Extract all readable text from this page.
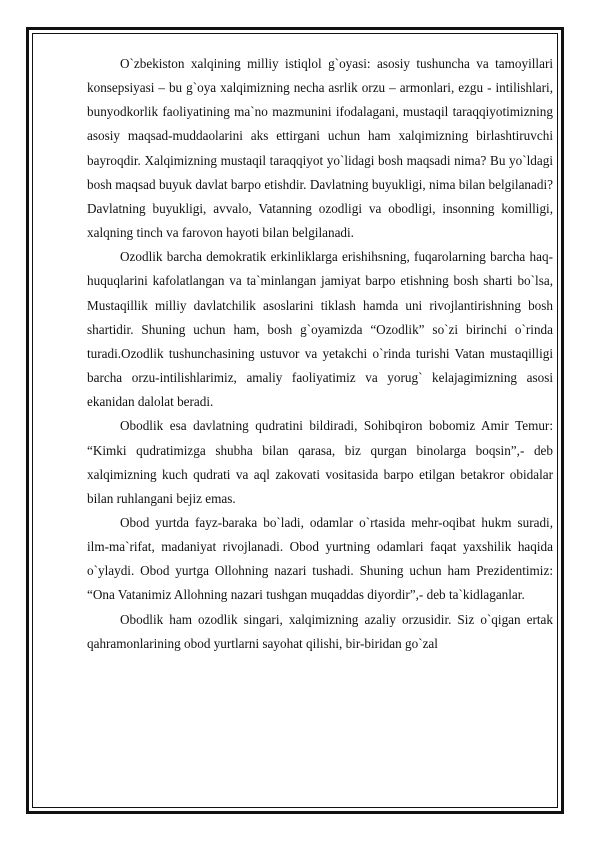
​

O`zbekiston xalqining milliy istiqlol g`oyasi: asosiy tushuncha va tamoyillari konsepsiyasi – bu g`oya xalqimizning necha asrlik orzu – armonlari, ezgu - intilishlari, bunyodkorlik faoliyatining ma`no mazmunini ifodalagani, mustaqil taraqqiyotimizning asosiy maqsad-muddaolarini aks ettirgani uchun ham xalqimizning birlashtiruvchi bayroqdir. Xalqimizning mustaqil taraqqiyot yo`lidagi bosh maqsadi nima? Bu yo`ldagi bosh maqsad buyuk davlat barpo etishdir. Davlatning buyukligi, nima bilan belgilanadi? Davlatning buyukligi, avvalo, Vatanning ozodligi va obodligi, insonning komilligi, xalqning tinch va farovon hayoti bilan belgilanadi.

Ozodlik barcha demokratik erkinliklarga erishihsning, fuqarolarning barcha haq-huquqlarini kafolatlangan va ta`minlangan jamiyat barpo etishning bosh sharti bo`lsa, Mustaqillik milliy davlatchilik asoslarini tiklash hamda uni rivojlantirishning bosh shartidir. Shuning uchun ham, bosh g`oyamizda “Ozodlik” so`zi birinchi o`rinda turadi.Ozodlik tushunchasining ustuvor va yetakchi o`rinda turishi Vatan mustaqilligi barcha orzu-intilishlarimiz, amaliy faoliyatimiz va yorug` kelajagimizning asosi ekanidan dalolat beradi.

Obodlik esa davlatning qudratini bildiradi, Sohibqiron bobomiz Amir Temur: “Kimki qudratimizga shubha bilan qarasa, biz qurgan binolarga boqsin”,- deb xalqimizning kuch qudrati va aql zakovati vositasida barpo etilgan betakror obidalar bilan ruhlangani bejiz emas.

Obod yurtda fayz-baraka bo`ladi, odamlar o`rtasida mehr-oqibat hukm suradi, ilm-ma`rifat, madaniyat rivojlanadi. Obod yurtning odamlari faqat yaxshilik haqida o`ylaydi. Obod yurtga Ollohning nazari tushadi. Shuning uchun ham Prezidentimiz: “Ona Vatanimiz Allohning nazari tushgan muqaddas diyordir”,- deb ta`kidlaganlar.

Obodlik ham ozodlik singari, xalqimizning azaliy orzusidir. Siz o`qigan ertak qahramonlarining obod yurtlarni sayohat qilishi, bir-biridan go`zal
